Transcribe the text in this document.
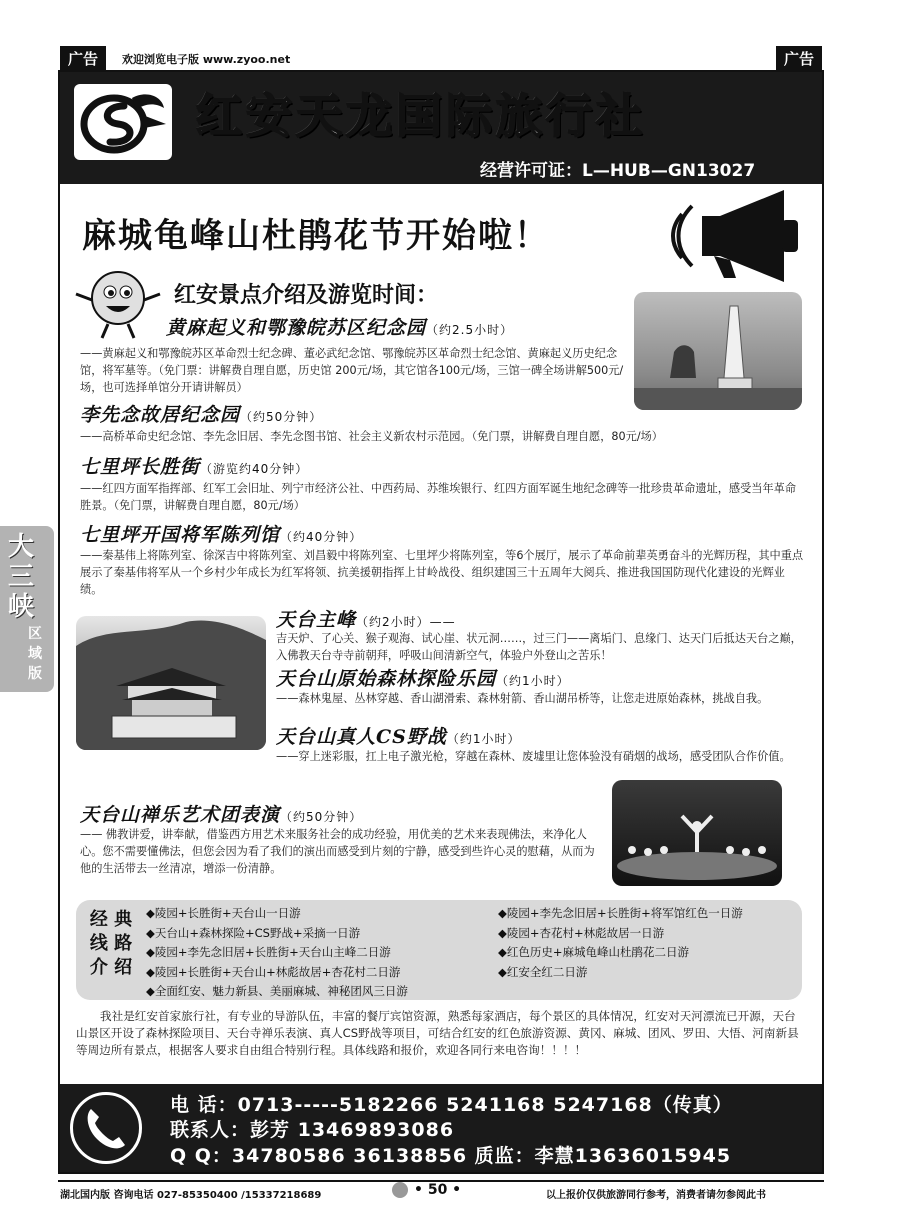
广告	欢迎浏览电子版 www.zyoo.net	广告
红安天龙国际旅行社
经营许可证：L—HUB—GN13027
麻城龟峰山杜鹃花节开始啦！
红安景点介绍及游览时间：
黄麻起义和鄂豫皖苏区纪念园（约2.5小时）
——黄麻起义和鄂豫皖苏区革命烈士纪念碑、董必武纪念馆、鄂豫皖苏区革命烈士纪念馆、黄麻起义历史纪念馆，将军墓等。（免门票：讲解费自理自愿，历史馆 200元/场，其它馆各100元/场，三馆一碑全场讲解500元/场，也可选择单馆分开请讲解员）
李先念故居纪念园（约50分钟）
——高桥革命史纪念馆、李先念旧居、李先念图书馆、社会主义新农村示范园。（免门票，讲解费自理自愿，80元/场）
七里坪长胜街（游览约40分钟）
——红四方面军指挥部、红军工会旧址、列宁市经济公社、中西药局、苏维埃银行、红四方面军诞生地纪念碑等一批珍贵革命遗址，感受当年革命胜景。（免门票，讲解费自理自愿，80元/场）
七里坪开国将军陈列馆（约40分钟）
——秦基伟上将陈列室、徐深吉中将陈列室、刘昌毅中将陈列室、七里坪少将陈列室，等6个展厅，展示了革命前辈英勇奋斗的光辉历程，其中重点展示了秦基伟将军从一个乡村少年成长为红军将领、抗美援朝指挥上甘岭战役、组织建国三十五周年大阅兵、推进我国国防现代化建设的光辉业绩。
天台主峰（约2小时）——
吉天炉、了心关、猴子观海、试心崖、状元洞……，过三门——离垢门、息缘门、达天门后抵达天台之巅，入佛教天台寺寺前朝拜，呼吸山间清新空气，体验户外登山之苦乐！
天台山原始森林探险乐园（约1小时）
——森林鬼屋、丛林穿越、香山湖滑索、森林射箭、香山湖吊桥等，让您走进原始森林，挑战自我。
天台山真人CS野战（约1小时）
——穿上迷彩服，扛上电子激光枪，穿越在森林、废墟里让您体验没有硝烟的战场，感受团队合作价值。
天台山禅乐艺术团表演（约50分钟）
—— 佛教讲爱，讲奉献，借鉴西方用艺术来服务社会的成功经验，用优美的艺术来表现佛法，来净化人心。您不需要懂佛法，但您会因为看了我们的演出而感受到片刻的宁静，感受到些许心灵的慰藉，从而为他的生活带去一丝清凉，增添一份清静。
经 典
线 路
介 绍
◆陵园+长胜街+天台山一日游
◆天台山+森林探险+CS野战+采摘一日游
◆陵园+李先念旧居+长胜街+天台山主峰二日游
◆陵园+长胜街+天台山+林彪故居+杏花村二日游
◆全面红安、魅力新县、美丽麻城、神秘团风三日游
◆陵园+李先念旧居+长胜街+将军馆红色一日游
◆陵园+杏花村+林彪故居一日游
◆红色历史+麻城龟峰山杜鹃花二日游
◆红安全红二日游
我社是红安首家旅行社，有专业的导游队伍，丰富的餐厅宾馆资源，熟悉每家酒店，每个景区的具体情况，红安对天河漂流已开源，天台山景区开设了森林探险项目、天台寺禅乐表演、真人CS野战等项目，可结合红安的红色旅游资源、黄冈、麻城、团风、罗田、大悟、河南新县等周边所有景点，根据客人要求自由组合特别行程。具体线路和报价，欢迎各同行来电咨询！！！！
电 话：0713-----5182266 5241168 5247168（传真）
联系人：彭芳 13469893086
Q Q：34780586 36138856 质监：李慧13636015945
大
三
峡
区
域
版
湖北国内版 咨询电话 027-85350400 /15337218689	• 50 •	以上报价仅供旅游同行参考，消费者请勿参阅此书
